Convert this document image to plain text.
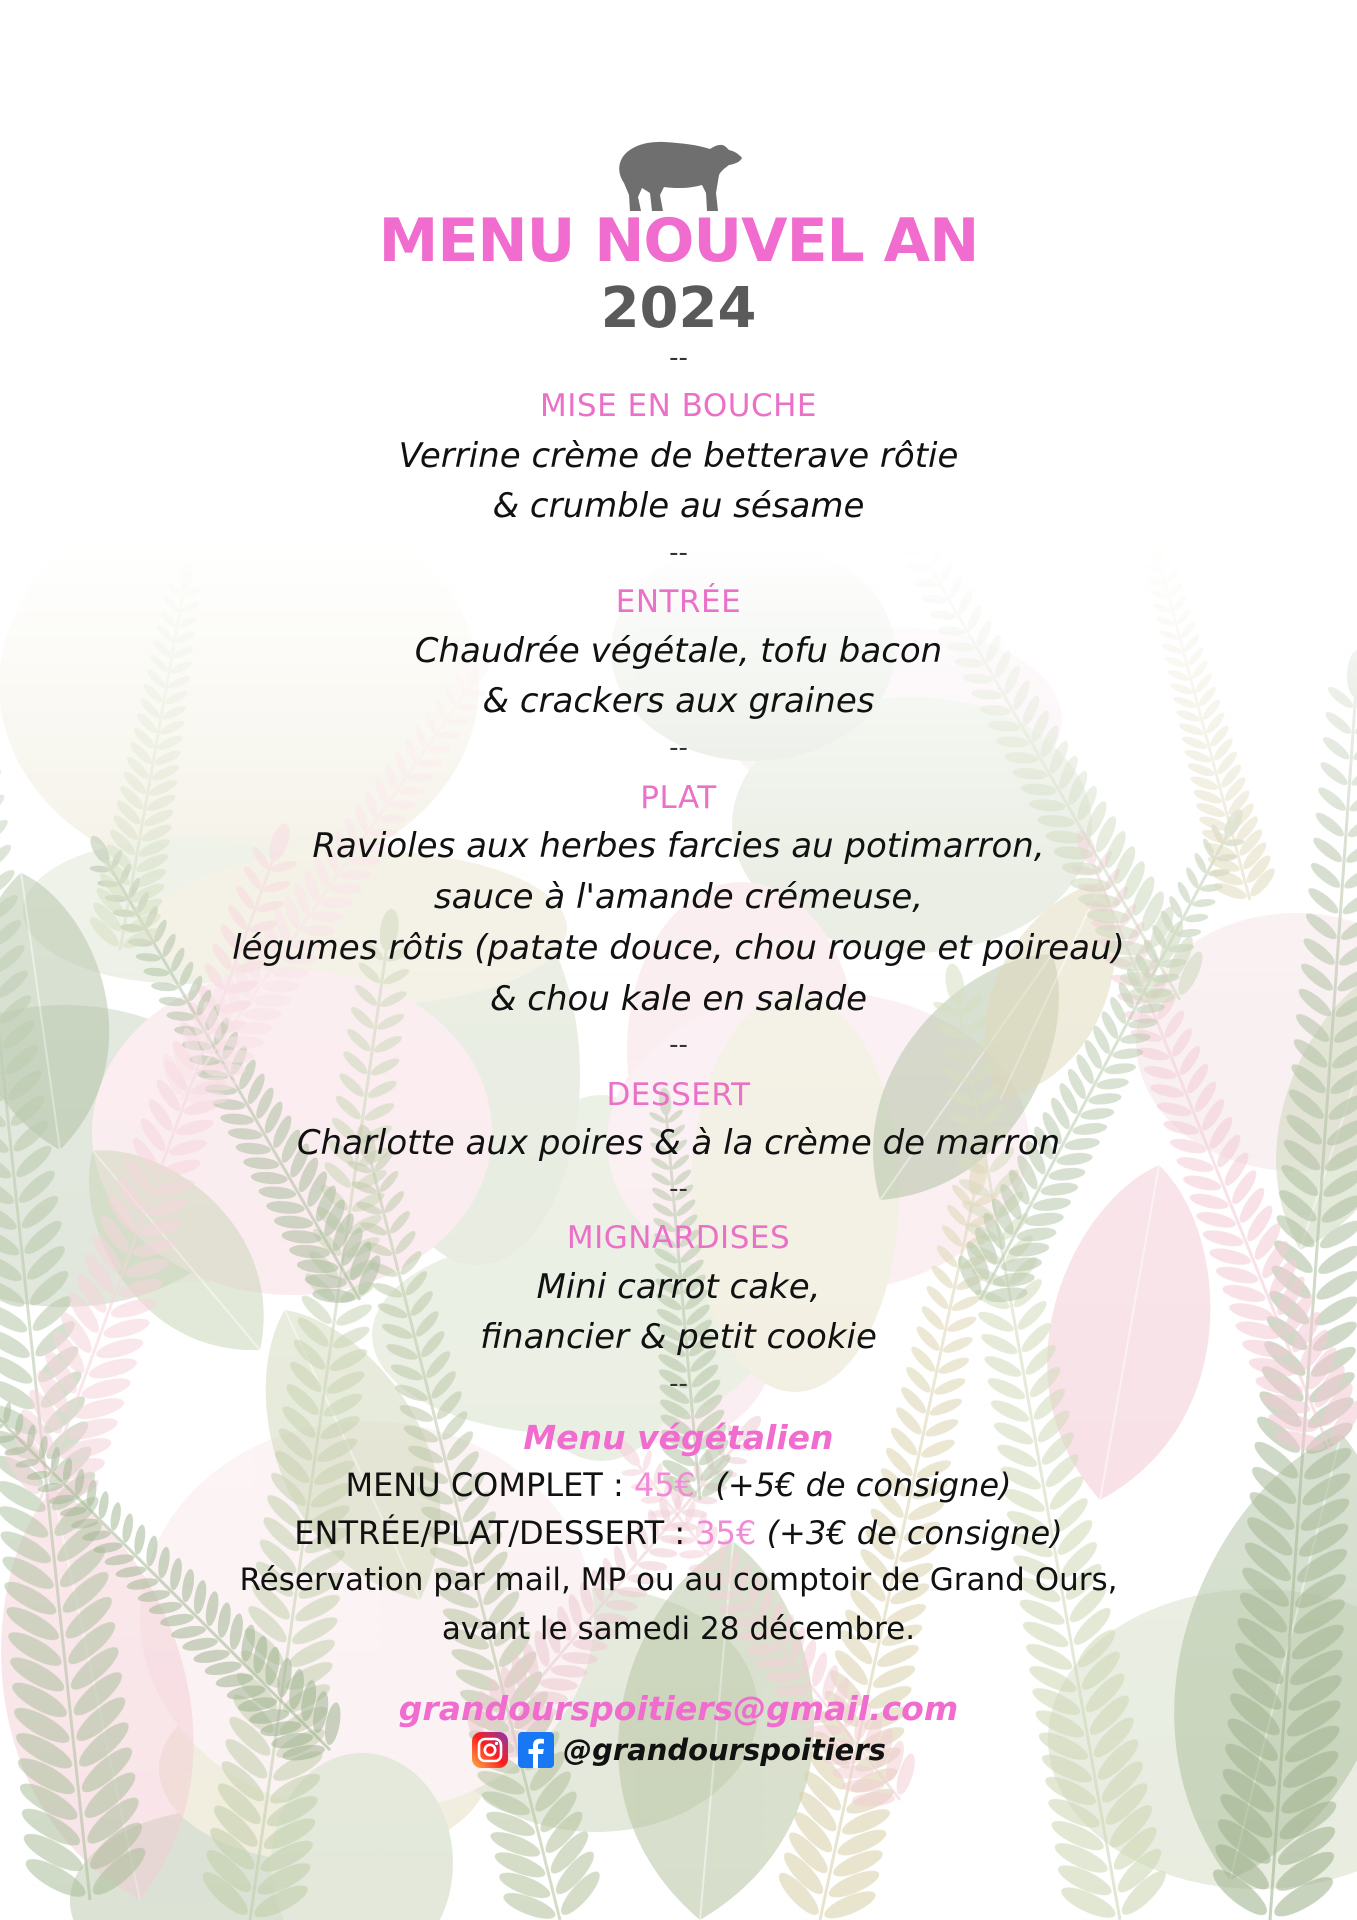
MENU NOUVEL AN
2024
--
MISE EN BOUCHE
Verrine crème de betterave rôtie
& crumble au sésame
--
ENTRÉE
Chaudrée végétale, tofu bacon
& crackers aux graines
--
PLAT
Ravioles aux herbes farcies au potimarron,
sauce à l'amande crémeuse,
légumes rôtis (patate douce, chou rouge et poireau)
& chou kale en salade
--
DESSERT
Charlotte aux poires & à la crème de marron
--
MIGNARDISES
Mini carrot cake,
financier & petit cookie
--
Menu végétalien
MENU COMPLET : 45€ (+5€ de consigne)
ENTRÉE/PLAT/DESSERT : 35€ (+3€ de consigne)
Réservation par mail, MP ou au comptoir de Grand Ours,
avant le samedi 28 décembre.
grandourspoitiers@gmail.com
@grandourspoitiers
